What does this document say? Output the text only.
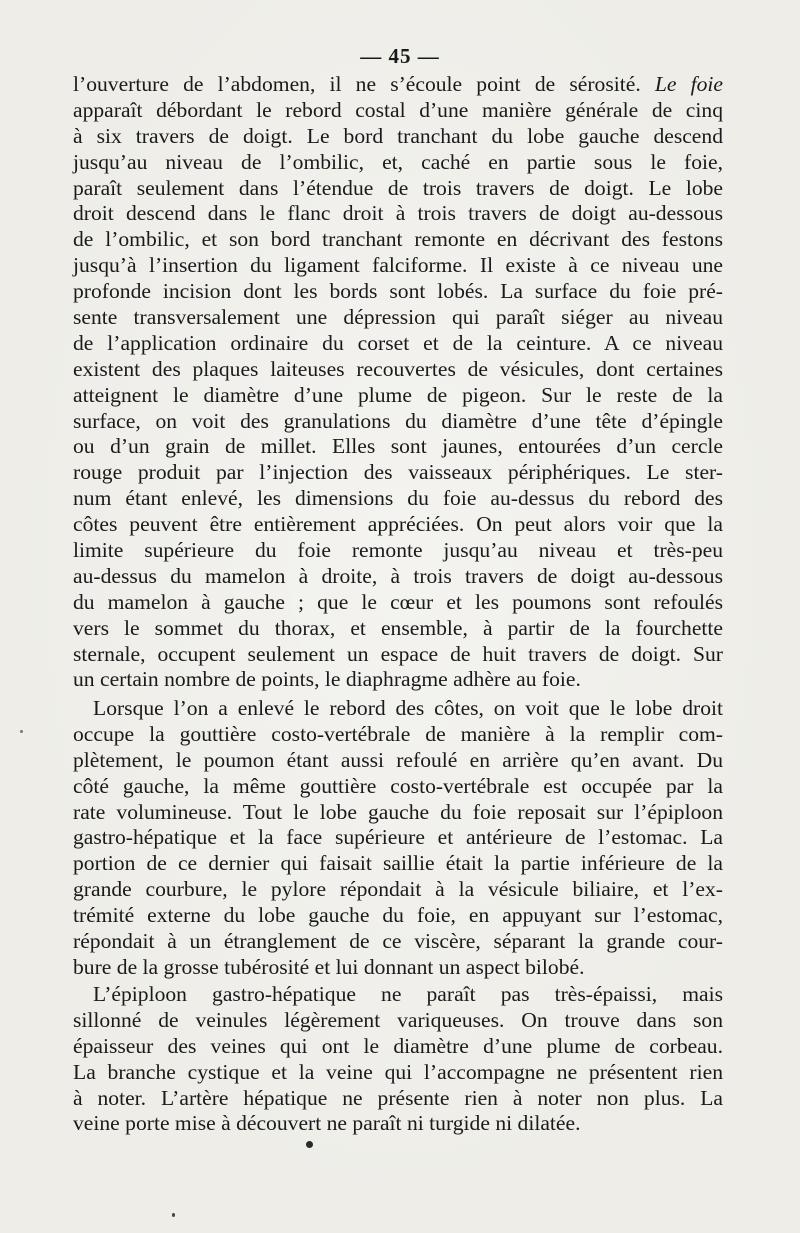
— 45 —
l’ouverture de l’abdomen, il ne s’écoule point de sérosité. Le foie
apparaît débordant le rebord costal d’une manière générale de cinq
à six travers de doigt. Le bord tranchant du lobe gauche descend
jusqu’au niveau de l’ombilic, et, caché en partie sous le foie,
paraît seulement dans l’étendue de trois travers de doigt. Le lobe
droit descend dans le flanc droit à trois travers de doigt au-dessous
de l’ombilic, et son bord tranchant remonte en décrivant des festons
jusqu’à l’insertion du ligament falciforme. Il existe à ce niveau une
profonde incision dont les bords sont lobés. La surface du foie pré-
sente transversalement une dépression qui paraît siéger au niveau
de l’application ordinaire du corset et de la ceinture. A ce niveau
existent des plaques laiteuses recouvertes de vésicules, dont certaines
atteignent le diamètre d’une plume de pigeon. Sur le reste de la
surface, on voit des granulations du diamètre d’une tête d’épingle
ou d’un grain de millet. Elles sont jaunes, entourées d’un cercle
rouge produit par l’injection des vaisseaux périphériques. Le ster-
num étant enlevé, les dimensions du foie au-dessus du rebord des
côtes peuvent être entièrement appréciées. On peut alors voir que la
limite supérieure du foie remonte jusqu’au niveau et très-peu
au-dessus du mamelon à droite, à trois travers de doigt au-dessous
du mamelon à gauche ; que le cœur et les poumons sont refoulés
vers le sommet du thorax, et ensemble, à partir de la fourchette
sternale, occupent seulement un espace de huit travers de doigt. Sur
un certain nombre de points, le diaphragme adhère au foie.
Lorsque l’on a enlevé le rebord des côtes, on voit que le lobe droit
occupe la gouttière costo-vertébrale de manière à la remplir com-
plètement, le poumon étant aussi refoulé en arrière qu’en avant. Du
côté gauche, la même gouttière costo-vertébrale est occupée par la
rate volumineuse. Tout le lobe gauche du foie reposait sur l’épiploon
gastro-hépatique et la face supérieure et antérieure de l’estomac. La
portion de ce dernier qui faisait saillie était la partie inférieure de la
grande courbure, le pylore répondait à la vésicule biliaire, et l’ex-
trémité externe du lobe gauche du foie, en appuyant sur l’estomac,
répondait à un étranglement de ce viscère, séparant la grande cour-
bure de la grosse tubérosité et lui donnant un aspect bilobé.
L’épiploon gastro-hépatique ne paraît pas très-épaissi, mais
sillonné de veinules légèrement variqueuses. On trouve dans son
épaisseur des veines qui ont le diamètre d’une plume de corbeau.
La branche cystique et la veine qui l’accompagne ne présentent rien
à noter. L’artère hépatique ne présente rien à noter non plus. La
veine porte mise à découvert ne paraît ni turgide ni dilatée.
